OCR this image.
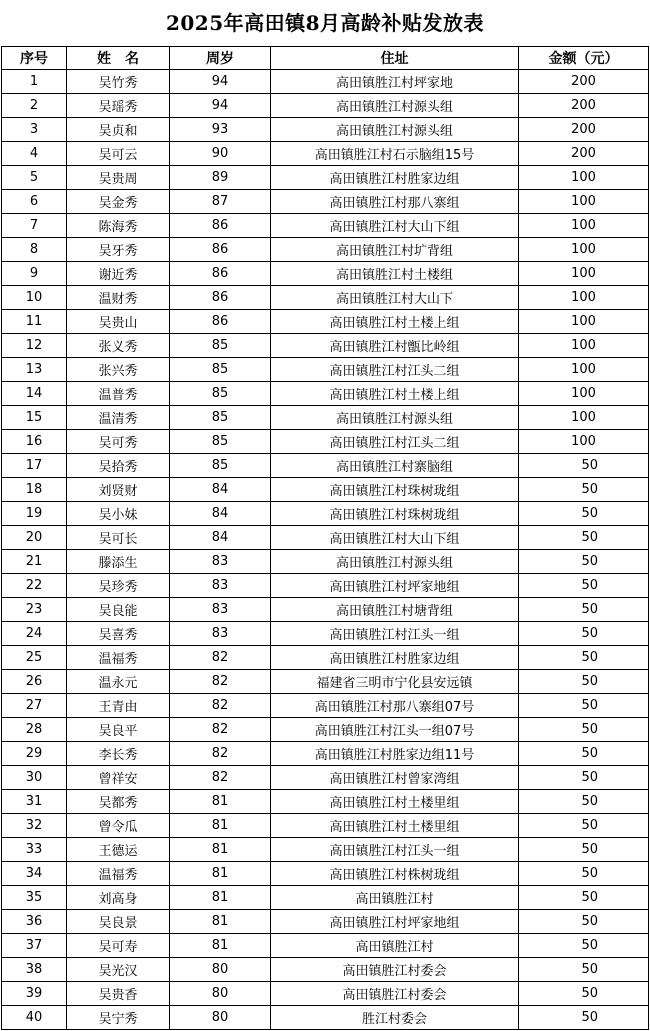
2025年高田镇8月高龄补贴发放表
序号	姓　名	周岁	住址	金额（元）
1	吴竹秀	94	高田镇胜江村坪家地	200
2	吴瑶秀	94	高田镇胜江村源头组	200
3	吴贞和	93	高田镇胜江村源头组	200
4	吴可云	90	高田镇胜江村石示脑组15号	200
5	吴贵周	89	高田镇胜江村胜家边组	100
6	吴金秀	87	高田镇胜江村那八寨组	100
7	陈海秀	86	高田镇胜江村大山下组	100
8	吴牙秀	86	高田镇胜江村圹背组	100
9	谢近秀	86	高田镇胜江村土楼组	100
10	温财秀	86	高田镇胜江村大山下	100
11	吴贵山	86	高田镇胜江村土楼上组	100
12	张义秀	85	高田镇胜江村甑比岭组	100
13	张兴秀	85	高田镇胜江村江头二组	100
14	温普秀	85	高田镇胜江村土楼上组	100
15	温清秀	85	高田镇胜江村源头组	100
16	吴可秀	85	高田镇胜江村江头二组	100
17	吴拾秀	85	高田镇胜江村寨脑组	50
18	刘贤财	84	高田镇胜江村珠树珑组	50
19	吴小妹	84	高田镇胜江村珠树珑组	50
20	吴可长	84	高田镇胜江村大山下组	50
21	滕添生	83	高田镇胜江村源头组	50
22	吴珍秀	83	高田镇胜江村坪家地组	50
23	吴良能	83	高田镇胜江村塘背组	50
24	吴喜秀	83	高田镇胜江村江头一组	50
25	温福秀	82	高田镇胜江村胜家边组	50
26	温永元	82	福建省三明市宁化县安远镇	50
27	王青由	82	高田镇胜江村那八寨组07号	50
28	吴良平	82	高田镇胜江村江头一组07号	50
29	李长秀	82	高田镇胜江村胜家边组11号	50
30	曾祥安	82	高田镇胜江村曾家湾组	50
31	吴都秀	81	高田镇胜江村土楼里组	50
32	曾令瓜	81	高田镇胜江村土楼里组	50
33	王德运	81	高田镇胜江村江头一组	50
34	温福秀	81	高田镇胜江村株树珑组	50
35	刘高身	81	高田镇胜江村	50
36	吴良景	81	高田镇胜江村坪家地组	50
37	吴可寿	81	高田镇胜江村	50
38	吴光汉	80	高田镇胜江村委会	50
39	吴贵香	80	高田镇胜江村委会	50
40	吴宁秀	80	胜江村委会	50
